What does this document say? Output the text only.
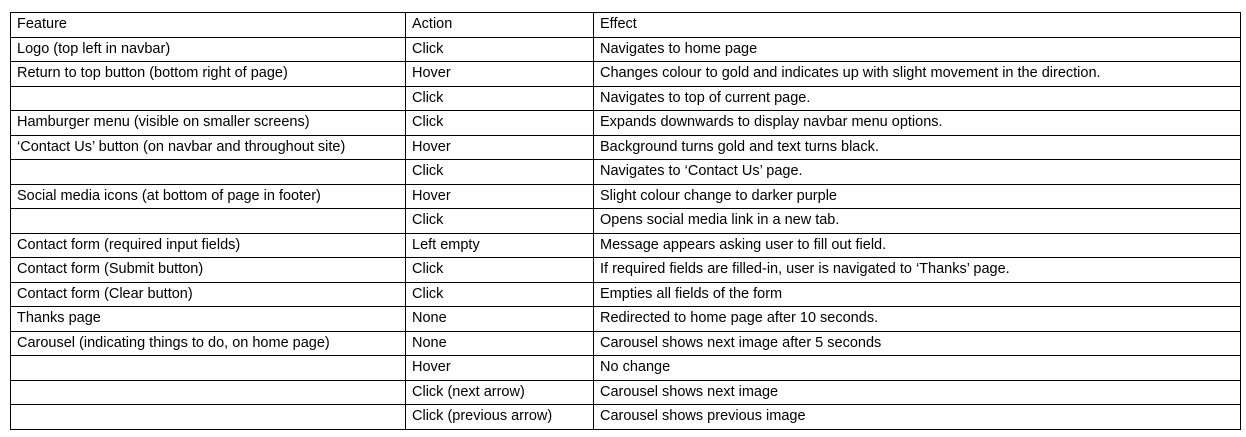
Feature	Action	Effect
Logo (top left in navbar)	Click	Navigates to home page
Return to top button (bottom right of page)	Hover	Changes colour to gold and indicates up with slight movement in the direction.
	Click	Navigates to top of current page.
Hamburger menu (visible on smaller screens)	Click	Expands downwards to display navbar menu options.
‘Contact Us’ button (on navbar and throughout site)	Hover	Background turns gold and text turns black.
	Click	Navigates to ‘Contact Us’ page.
Social media icons (at bottom of page in footer)	Hover	Slight colour change to darker purple
	Click	Opens social media link in a new tab.
Contact form (required input fields)	Left empty	Message appears asking user to fill out field.
Contact form (Submit button)	Click	If required fields are filled-in, user is navigated to ‘Thanks’ page.
Contact form (Clear button)	Click	Empties all fields of the form
Thanks page	None	Redirected to home page after 10 seconds.
Carousel (indicating things to do, on home page)	None	Carousel shows next image after 5 seconds
	Hover	No change
	Click (next arrow)	Carousel shows next image
	Click (previous arrow)	Carousel shows previous image
